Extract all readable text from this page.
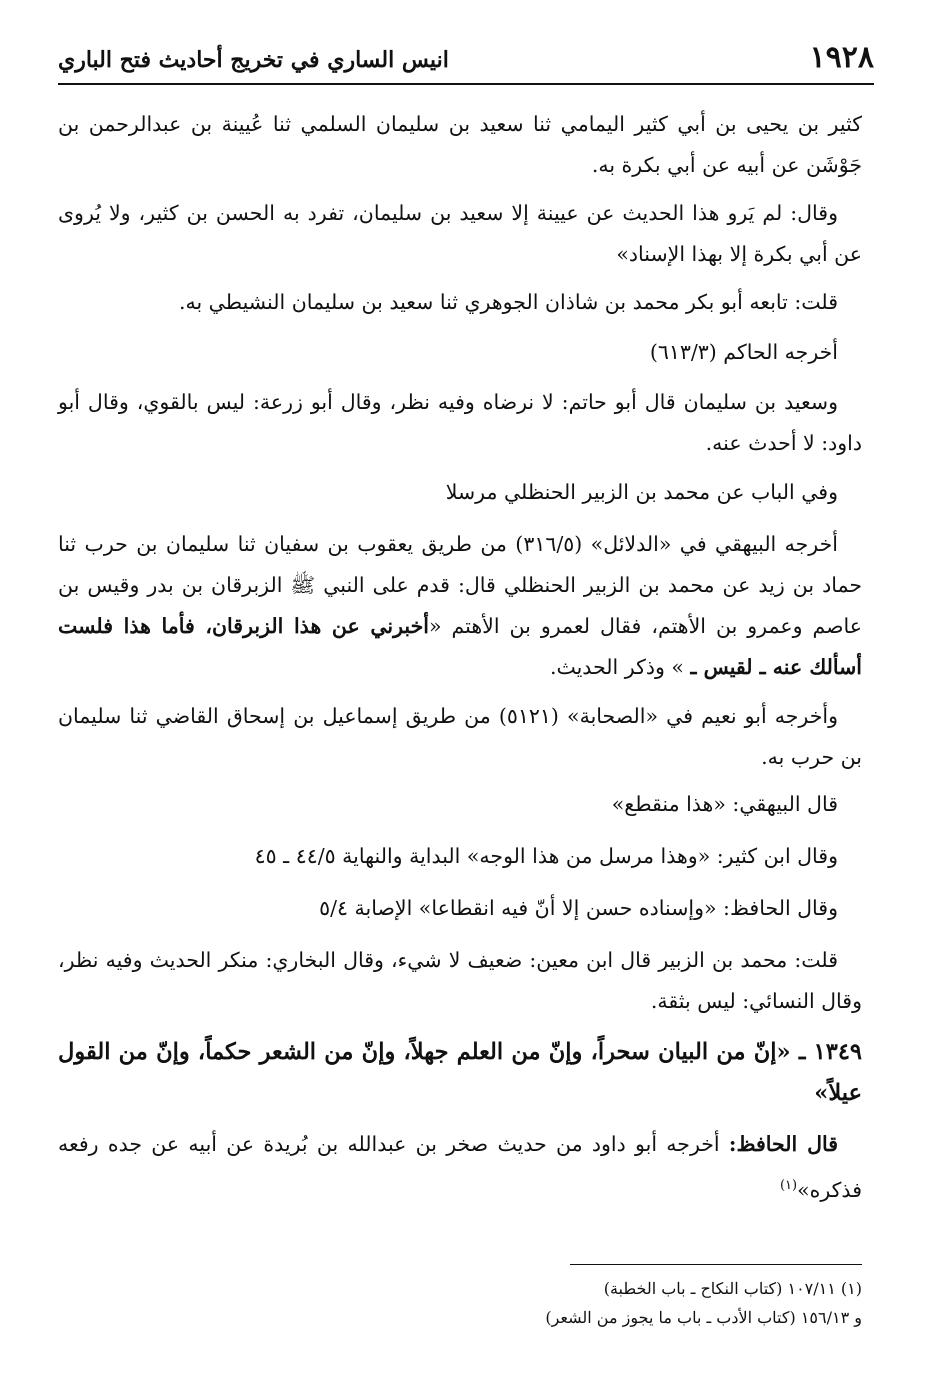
١٩٢٨
انيس الساري في تخريج أحاديث فتح الباري

كثير بن يحيى بن أبي كثير اليمامي ثنا سعيد بن سليمان السلمي ثنا عُيينة بن عبدالرحمن بن جَوْشَن عن أبيه عن أبي بكرة به.

وقال: لم يَرو هذا الحديث عن عيينة إلا سعيد بن سليمان، تفرد به الحسن بن كثير، ولا يُروى عن أبي بكرة إلا بهذا الإسناد»

قلت: تابعه أبو بكر محمد بن شاذان الجوهري ثنا سعيد بن سليمان النشيطي به.

أخرجه الحاكم (٦١٣/٣)

وسعيد بن سليمان قال أبو حاتم: لا نرضاه وفيه نظر، وقال أبو زرعة: ليس بالقوي، وقال أبو داود: لا أحدث عنه.

وفي الباب عن محمد بن الزبير الحنظلي مرسلا

أخرجه البيهقي في «الدلائل» (٣١٦/٥) من طريق يعقوب بن سفيان ثنا سليمان بن حرب ثنا حماد بن زيد عن محمد بن الزبير الحنظلي قال: قدم على النبي ﷺ الزبرقان بن بدر وقيس بن عاصم وعمرو بن الأهتم، فقال لعمرو بن الأهتم «أخبرني عن هذا الزبرقان، فأما هذا فلست أسألك عنه ـ لقيس ـ » وذكر الحديث.

وأخرجه أبو نعيم في «الصحابة» (٥١٢١) من طريق إسماعيل بن إسحاق القاضي ثنا سليمان بن حرب به.

قال البيهقي: «هذا منقطع»

وقال ابن كثير: «وهذا مرسل من هذا الوجه» البداية والنهاية ٤٤/٥ ـ ٤٥

وقال الحافظ: «وإسناده حسن إلا أنّ فيه انقطاعا» الإصابة ٥/٤

قلت: محمد بن الزبير قال ابن معين: ضعيف لا شيء، وقال البخاري: منكر الحديث وفيه نظر، وقال النسائي: ليس بثقة.

١٣٤٩ ـ «إنّ من البيان سحراً، وإنّ من العلم جهلاً، وإنّ من الشعر حكماً، وإنّ من القول عيلاً»

قال الحافظ: أخرجه أبو داود من حديث صخر بن عبدالله بن بُريدة عن أبيه عن جده رفعه فذكره»$^{(١)}$

(١) ١٠٧/١١ (كتاب النكاح ـ باب الخطبة)

و ١٥٦/١٣ (كتاب الأدب ـ باب ما يجوز من الشعر)
